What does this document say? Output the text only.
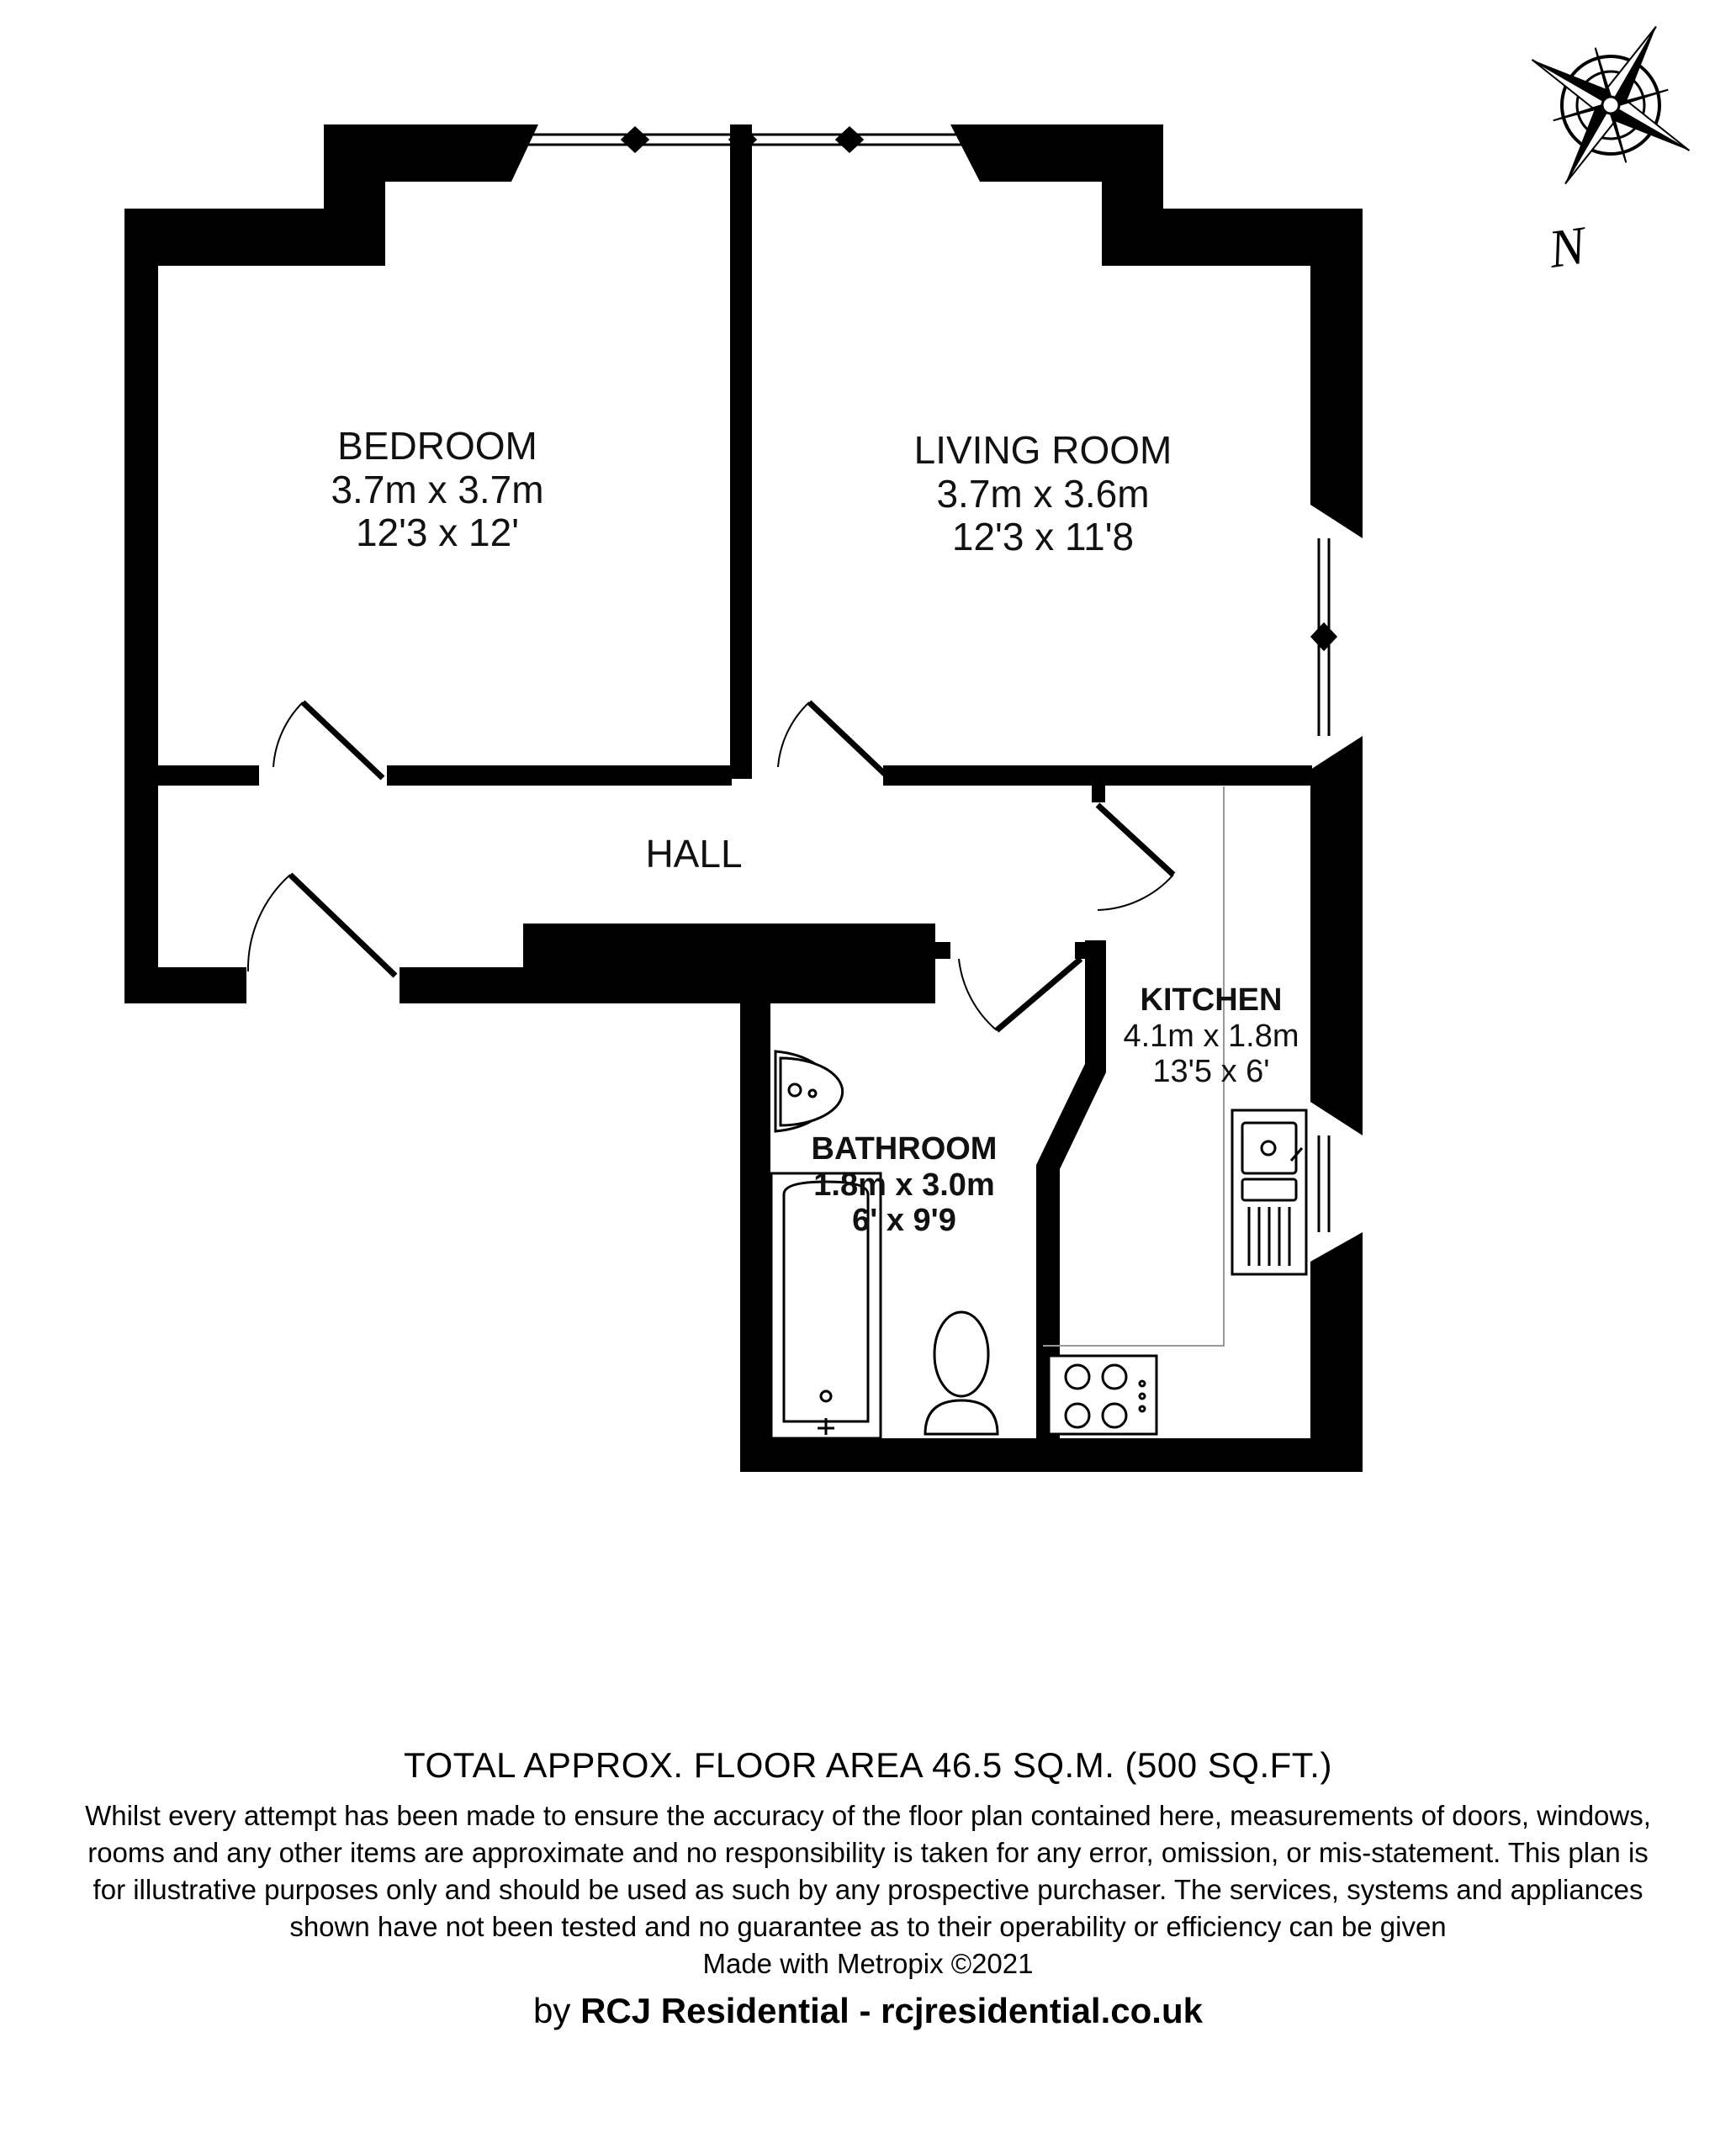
N
BEDROOM
3.7m x 3.7m
12'3 x 12'
LIVING ROOM
3.7m x 3.6m
12'3 x 11'8
HALL
KITCHEN
4.1m x 1.8m
13'5 x 6'
BATHROOM
1.8m x 3.0m
6' x 9'9
TOTAL APPROX. FLOOR AREA 46.5 SQ.M. (500 SQ.FT.)
Whilst every attempt has been made to ensure the accuracy of the floor plan contained here, measurements of doors, windows, rooms and any other items are approximate and no responsibility is taken for any error, omission, or mis-statement. This plan is for illustrative purposes only and should be used as such by any prospective purchaser. The services, systems and appliances shown have not been tested and no guarantee as to their operability or efficiency can be given
Made with Metropix ©2021
by RCJ Residential - rcjresidential.co.uk
